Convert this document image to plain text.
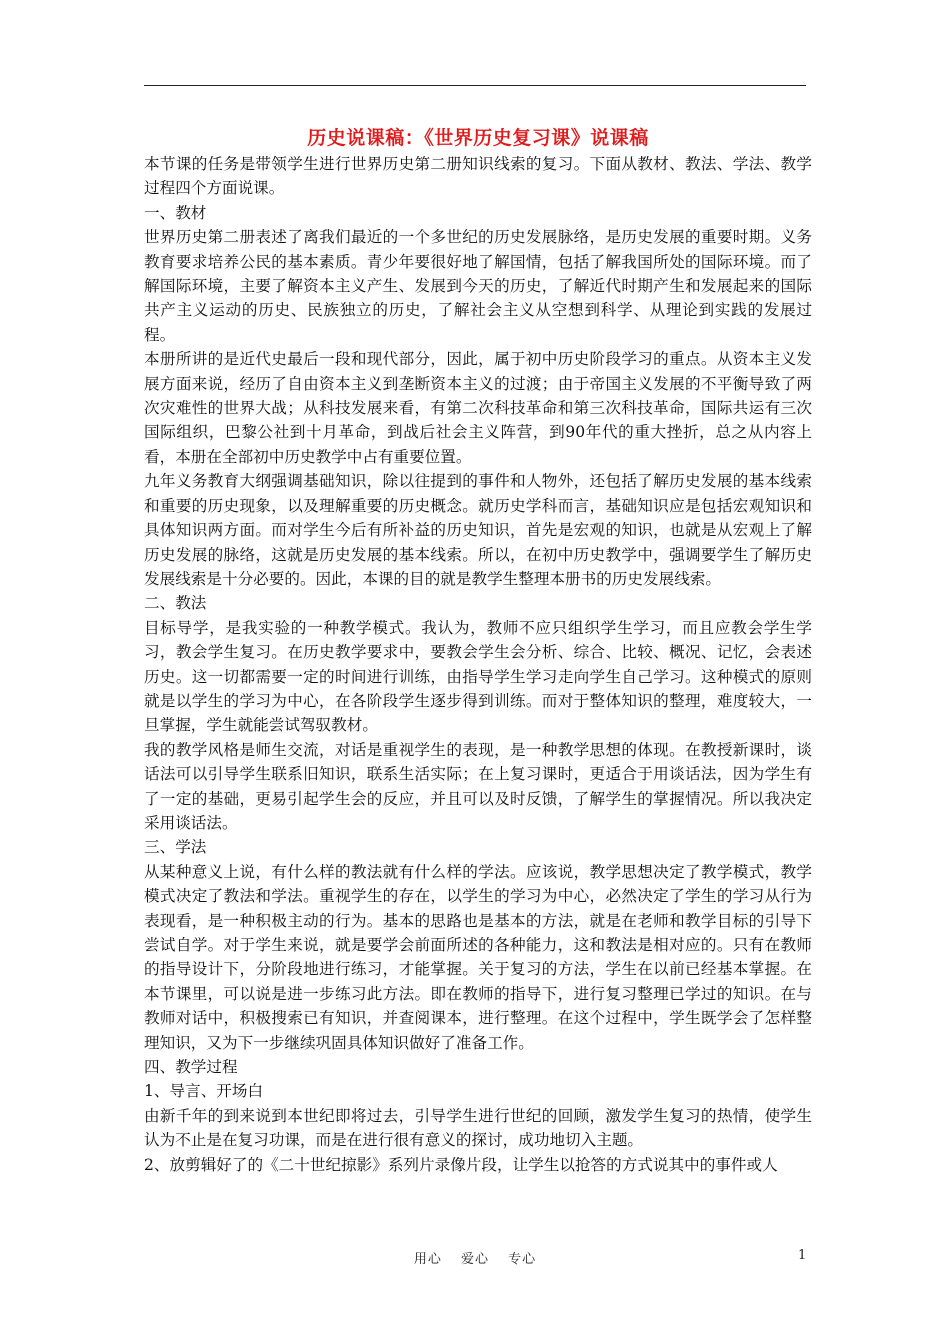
历史说课稿：《世界历史复习课》说课稿

本节课的任务是带领学生进行世界历史第二册知识线索的复习。下面从教材、教法、学法、教学过程四个方面说课。

一、教材

世界历史第二册表述了离我们最近的一个多世纪的历史发展脉络，是历史发展的重要时期。义务教育要求培养公民的基本素质。青少年要很好地了解国情，包括了解我国所处的国际环境。而了解国际环境，主要了解资本主义产生、发展到今天的历史，了解近代时期产生和发展起来的国际共产主义运动的历史、民族独立的历史，了解社会主义从空想到科学、从理论到实践的发展过程。

本册所讲的是近代史最后一段和现代部分，因此，属于初中历史阶段学习的重点。从资本主义发展方面来说，经历了自由资本主义到垄断资本主义的过渡；由于帝国主义发展的不平衡导致了两次灾难性的世界大战；从科技发展来看，有第二次科技革命和第三次科技革命，国际共运有三次国际组织，巴黎公社到十月革命，到战后社会主义阵营，到90年代的重大挫折，总之从内容上看，本册在全部初中历史教学中占有重要位置。

九年义务教育大纲强调基础知识，除以往提到的事件和人物外，还包括了解历史发展的基本线索和重要的历史现象，以及理解重要的历史概念。就历史学科而言，基础知识应是包括宏观知识和具体知识两方面。而对学生今后有所补益的历史知识，首先是宏观的知识，也就是从宏观上了解历史发展的脉络，这就是历史发展的基本线索。所以，在初中历史教学中，强调要学生了解历史发展线索是十分必要的。因此，本课的目的就是教学生整理本册书的历史发展线索。

二、教法

目标导学，是我实验的一种教学模式。我认为，教师不应只组织学生学习，而且应教会学生学习，教会学生复习。在历史教学要求中，要教会学生会分析、综合、比较、概况、记忆，会表述历史。这一切都需要一定的时间进行训练，由指导学生学习走向学生自己学习。这种模式的原则就是以学生的学习为中心，在各阶段学生逐步得到训练。而对于整体知识的整理，难度较大，一旦掌握，学生就能尝试驾驭教材。

我的教学风格是师生交流，对话是重视学生的表现，是一种教学思想的体现。在教授新课时，谈话法可以引导学生联系旧知识，联系生活实际；在上复习课时，更适合于用谈话法，因为学生有了一定的基础，更易引起学生会的反应，并且可以及时反馈，了解学生的掌握情况。所以我决定采用谈话法。

三、学法

从某种意义上说，有什么样的教法就有什么样的学法。应该说，教学思想决定了教学模式，教学模式决定了教法和学法。重视学生的存在，以学生的学习为中心，必然决定了学生的学习从行为表现看，是一种积极主动的行为。基本的思路也是基本的方法，就是在老师和教学目标的引导下尝试自学。对于学生来说，就是要学会前面所述的各种能力，这和教法是相对应的。只有在教师的指导设计下，分阶段地进行练习，才能掌握。关于复习的方法，学生在以前已经基本掌握。在本节课里，可以说是进一步练习此方法。即在教师的指导下，进行复习整理已学过的知识。在与教师对话中，积极搜索已有知识，并查阅课本，进行整理。在这个过程中，学生既学会了怎样整理知识，又为下一步继续巩固具体知识做好了准备工作。

四、教学过程

1、导言、开场白

由新千年的到来说到本世纪即将过去，引导学生进行世纪的回顾，激发学生复习的热情，使学生认为不止是在复习功课，而是在进行很有意义的探讨，成功地切入主题。

2、放剪辑好了的《二十世纪掠影》系列片录像片段，让学生以抢答的方式说其中的事件或人

用心　 爱心　 专心	1
